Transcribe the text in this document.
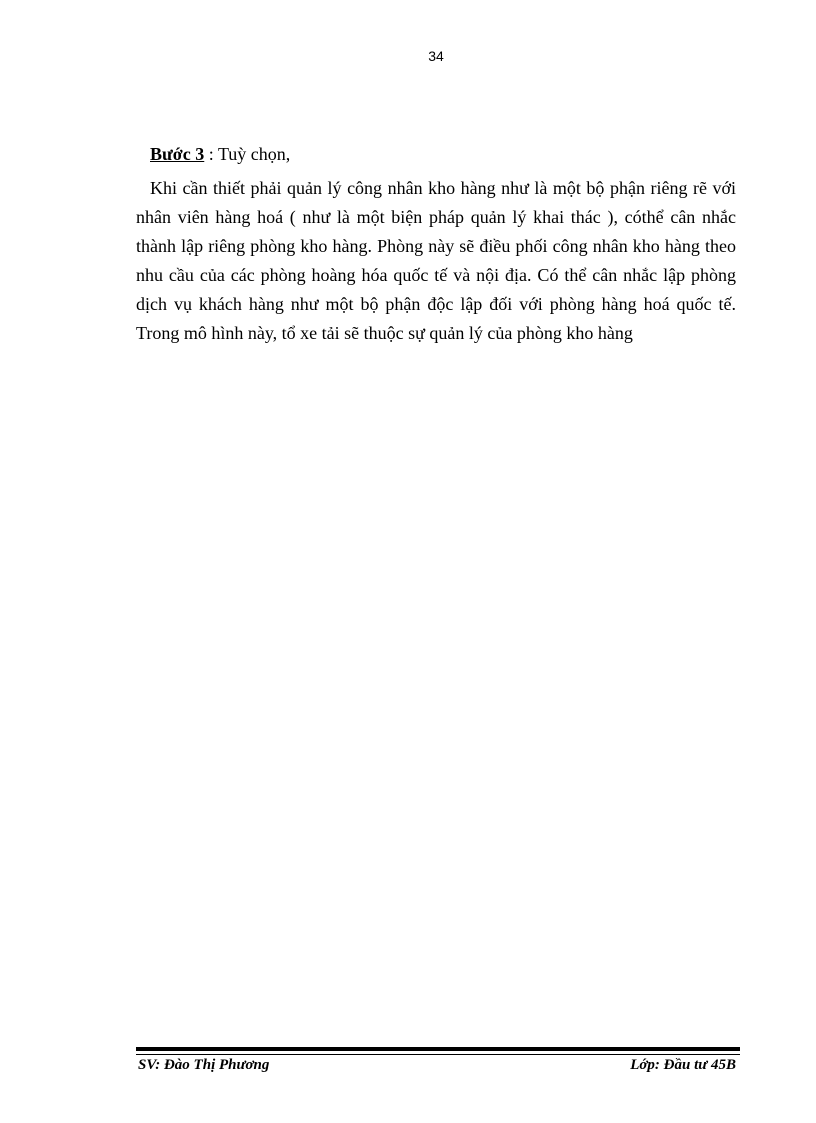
34

Bước 3 : Tuỳ chọn,

Khi cần thiết phải quản lý công nhân kho hàng như là một bộ phận riêng rẽ với nhân viên hàng hoá ( như là một biện pháp quản lý khai thác ), cóthể cân nhắc thành lập riêng phòng kho hàng. Phòng này sẽ điều phối công nhân kho hàng theo nhu cầu của các phòng hoàng hóa quốc tế và nội địa. Có thể cân nhắc lập phòng dịch vụ khách hàng như một bộ phận độc lập đối với phòng hàng hoá quốc tế. Trong mô hình này, tổ xe tải sẽ thuộc sự quản lý của phòng kho hàng

SV: Đào Thị Phương	Lớp: Đầu tư 45B
